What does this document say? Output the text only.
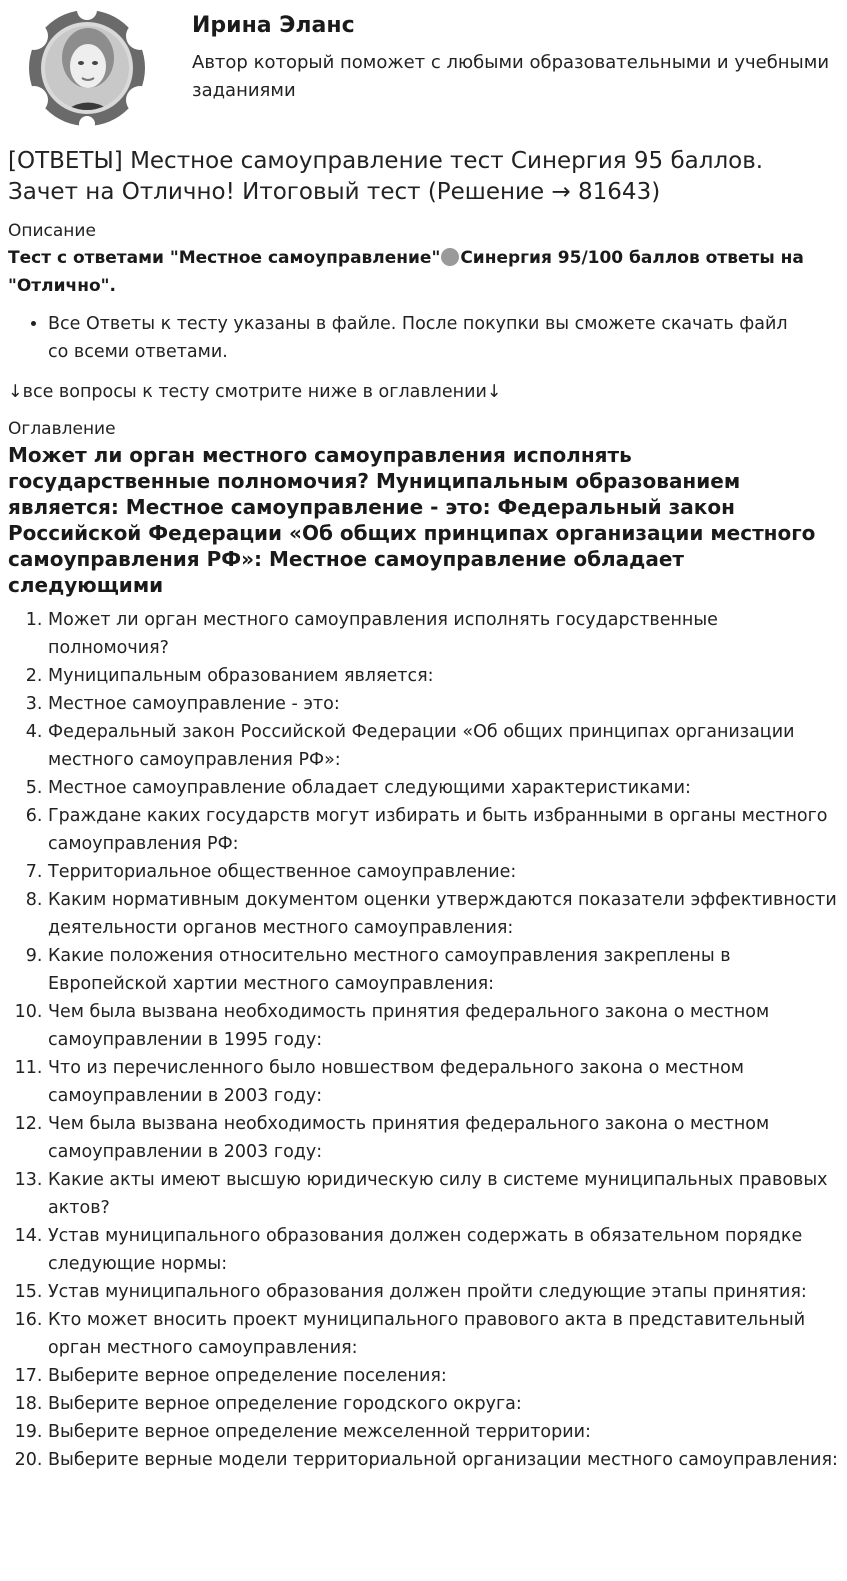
Ирина Эланс

Автор который поможет с любыми образовательными и учебными заданиями

[ОТВЕТЫ] Местное самоуправление тест Синергия 95 баллов. Зачет на Отлично! Итоговый тест (Решение → 81643)
Описание
Тест с ответами "Местное самоуправление" Синергия 95/100 баллов ответы на "Отлично".
• Все Ответы к тесту указаны в файле. После покупки вы сможете скачать файл со всеми ответами.
↓все вопросы к тесту смотрите ниже в оглавлении↓
Оглавление
Может ли орган местного самоуправления исполнять государственные полномочия? Муниципальным образованием является: Местное самоуправление - это: Федеральный закон Российской Федерации «Об общих принципах организации местного самоуправления РФ»: Местное самоуправление обладает следующими
1. Может ли орган местного самоуправления исполнять государственные полномочия?
2. Муниципальным образованием является:
3. Местное самоуправление - это:
4. Федеральный закон Российской Федерации «Об общих принципах организации местного самоуправления РФ»:
5. Местное самоуправление обладает следующими характеристиками:
6. Граждане каких государств могут избирать и быть избранными в органы местного самоуправления РФ:
7. Территориальное общественное самоуправление:
8. Каким нормативным документом оценки утверждаются показатели эффективности деятельности органов местного самоуправления:
9. Какие положения относительно местного самоуправления закреплены в Европейской хартии местного самоуправления:
10. Чем была вызвана необходимость принятия федерального закона о местном самоуправлении в 1995 году:
11. Что из перечисленного было новшеством федерального закона о местном самоуправлении в 2003 году:
12. Чем была вызвана необходимость принятия федерального закона о местном самоуправлении в 2003 году:
13. Какие акты имеют высшую юридическую силу в системе муниципальных правовых актов?
14. Устав муниципального образования должен содержать в обязательном порядке следующие нормы:
15. Устав муниципального образования должен пройти следующие этапы принятия:
16. Кто может вносить проект муниципального правового акта в представительный орган местного самоуправления:
17. Выберите верное определение поселения:
18. Выберите верное определение городского округа:
19. Выберите верное определение межселенной территории:
20. Выберите верные модели территориальной организации местного самоуправления:
